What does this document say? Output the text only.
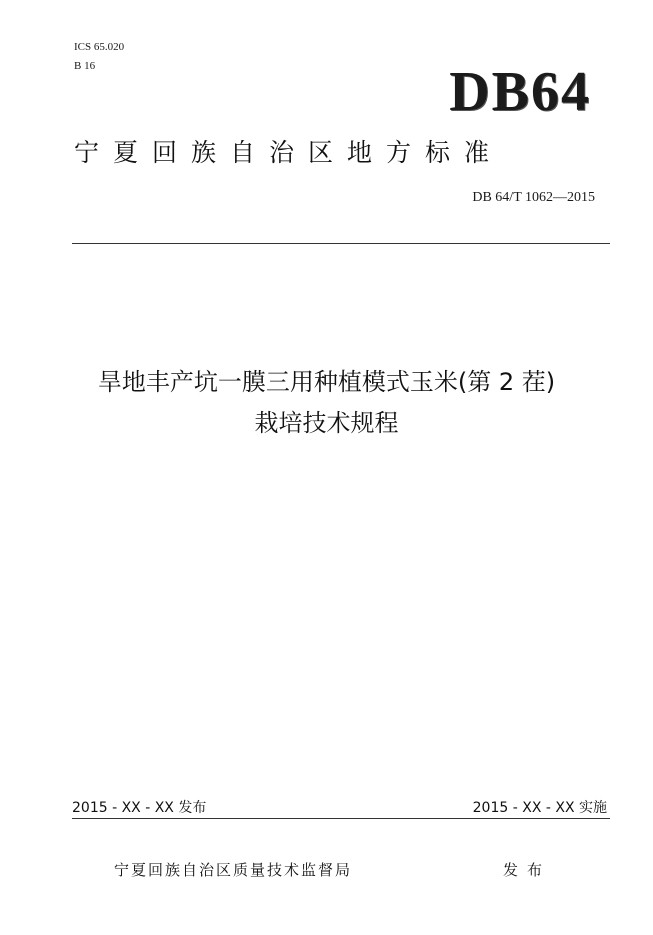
ICS 65.020
B 16	DB64
宁夏回族自治区地方标准
DB 64/T 1062—2015
旱地丰产坑一膜三用种植模式玉米(第 2 茬)
栽培技术规程
2015 - XX - XX 发布	2015 - XX - XX 实施
宁夏回族自治区质量技术监督局	发布
